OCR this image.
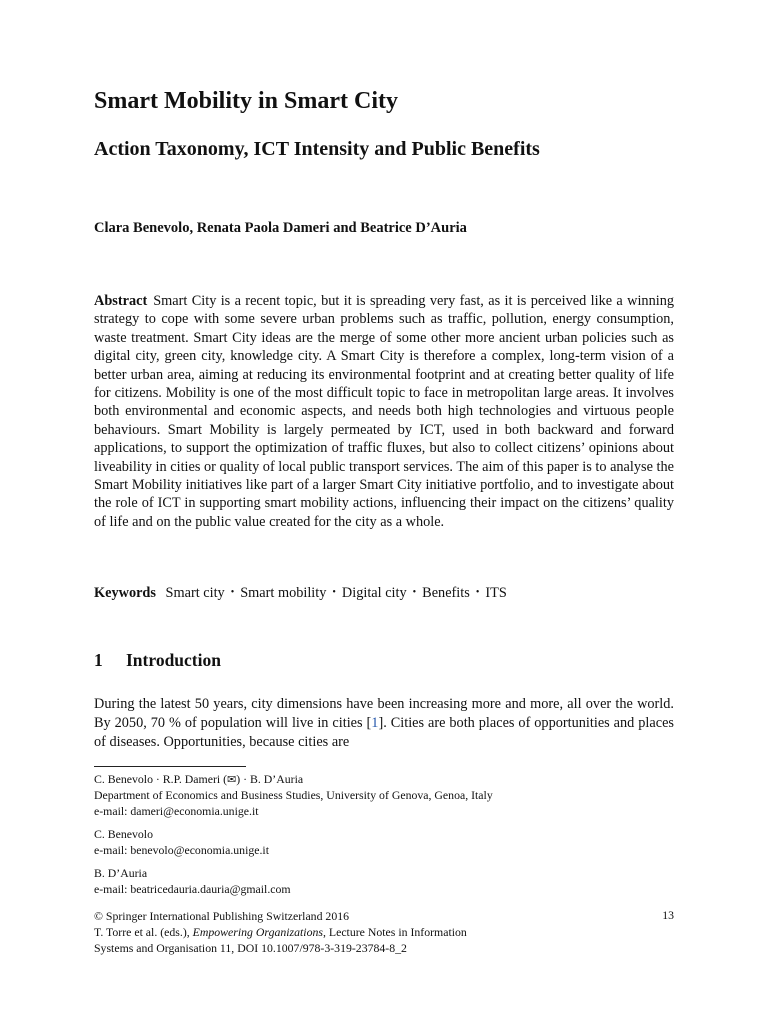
Smart Mobility in Smart City
Action Taxonomy, ICT Intensity and Public Benefits

Clara Benevolo, Renata Paola Dameri and Beatrice D’Auria

Abstract Smart City is a recent topic, but it is spreading very fast, as it is perceived like a winning strategy to cope with some severe urban problems such as traffic, pollution, energy consumption, waste treatment. Smart City ideas are the merge of some other more ancient urban policies such as digital city, green city, knowledge city. A Smart City is therefore a complex, long-term vision of a better urban area, aiming at reducing its environmental footprint and at creating better quality of life for citizens. Mobility is one of the most difficult topic to face in metropolitan large areas. It involves both environmental and economic aspects, and needs both high technologies and virtuous people behaviours. Smart Mobility is largely permeated by ICT, used in both backward and forward applications, to support the optimization of traffic fluxes, but also to collect citizens’ opinions about liveability in cities or quality of local public transport services. The aim of this paper is to analyse the Smart Mobility initiatives like part of a larger Smart City initiative portfolio, and to investigate about the role of ICT in supporting smart mobility actions, influencing their impact on the citizens’ quality of life and on the public value created for the city as a whole.

Keywords Smart city • Smart mobility • Digital city • Benefits • ITS

1 Introduction

During the latest 50 years, city dimensions have been increasing more and more, all over the world. By 2050, 70 % of population will live in cities [1]. Cities are both places of opportunities and places of diseases. Opportunities, because cities are

C. Benevolo · R.P. Dameri (✉) · B. D’Auria

Department of Economics and Business Studies, University of Genova, Genoa, Italy

e-mail: dameri@economia.unige.it

C. Benevolo

e-mail: benevolo@economia.unige.it

B. D’Auria

e-mail: beatricedauria.dauria@gmail.com

© Springer International Publishing Switzerland 2016

T. Torre et al. (eds.), Empowering Organizations, Lecture Notes in Information

Systems and Organisation 11, DOI 10.1007/978-3-319-23784-8_2

13
